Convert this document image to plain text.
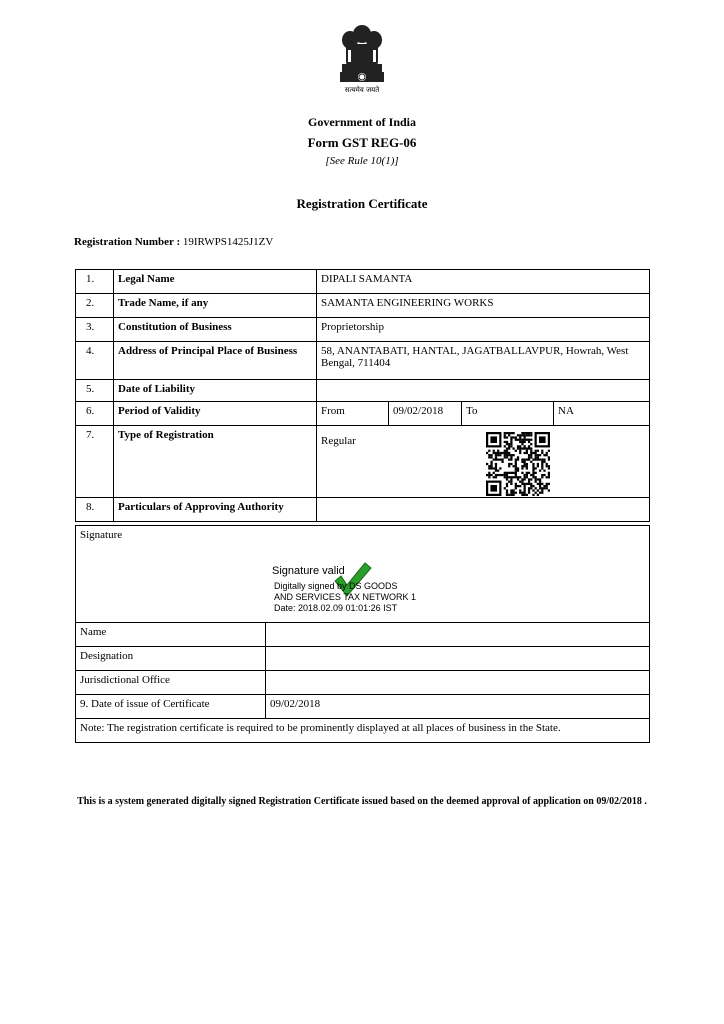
सत्यमेव जयते
Government of India
Form GST REG-06
[See Rule 10(1)]
Registration Certificate
Registration Number : 19IRWPS1425J1ZV
1.	Legal Name	DIPALI SAMANTA			
2.	Trade Name, if any	SAMANTA ENGINEERING WORKS			
3.	Constitution of Business	Proprietorship			
4.	Address of Principal Place of Business	58, ANANTABATI, HANTAL, JAGATBALLAVPUR, Howrah, West Bengal, 711404			
5.	Date of Liability				
6.	Period of Validity	From	09/02/2018	To	NA
7.	Type of Registration	Regular			

8.	Particulars of Approving Authority				
Signature
Signature valid
Digitally signed by DS GOODS
AND SERVICES TAX NETWORK 1
Date: 2018.02.09 01:01:26 IST	

Name	
Designation	
Jurisdictional Office	
9. Date of issue of Certificate	09/02/2018
Note: The registration certificate is required to be prominently displayed at all places of business in the State.	
This is a system generated digitally signed Registration Certificate issued based on the deemed approval of application on 09/02/2018 .
